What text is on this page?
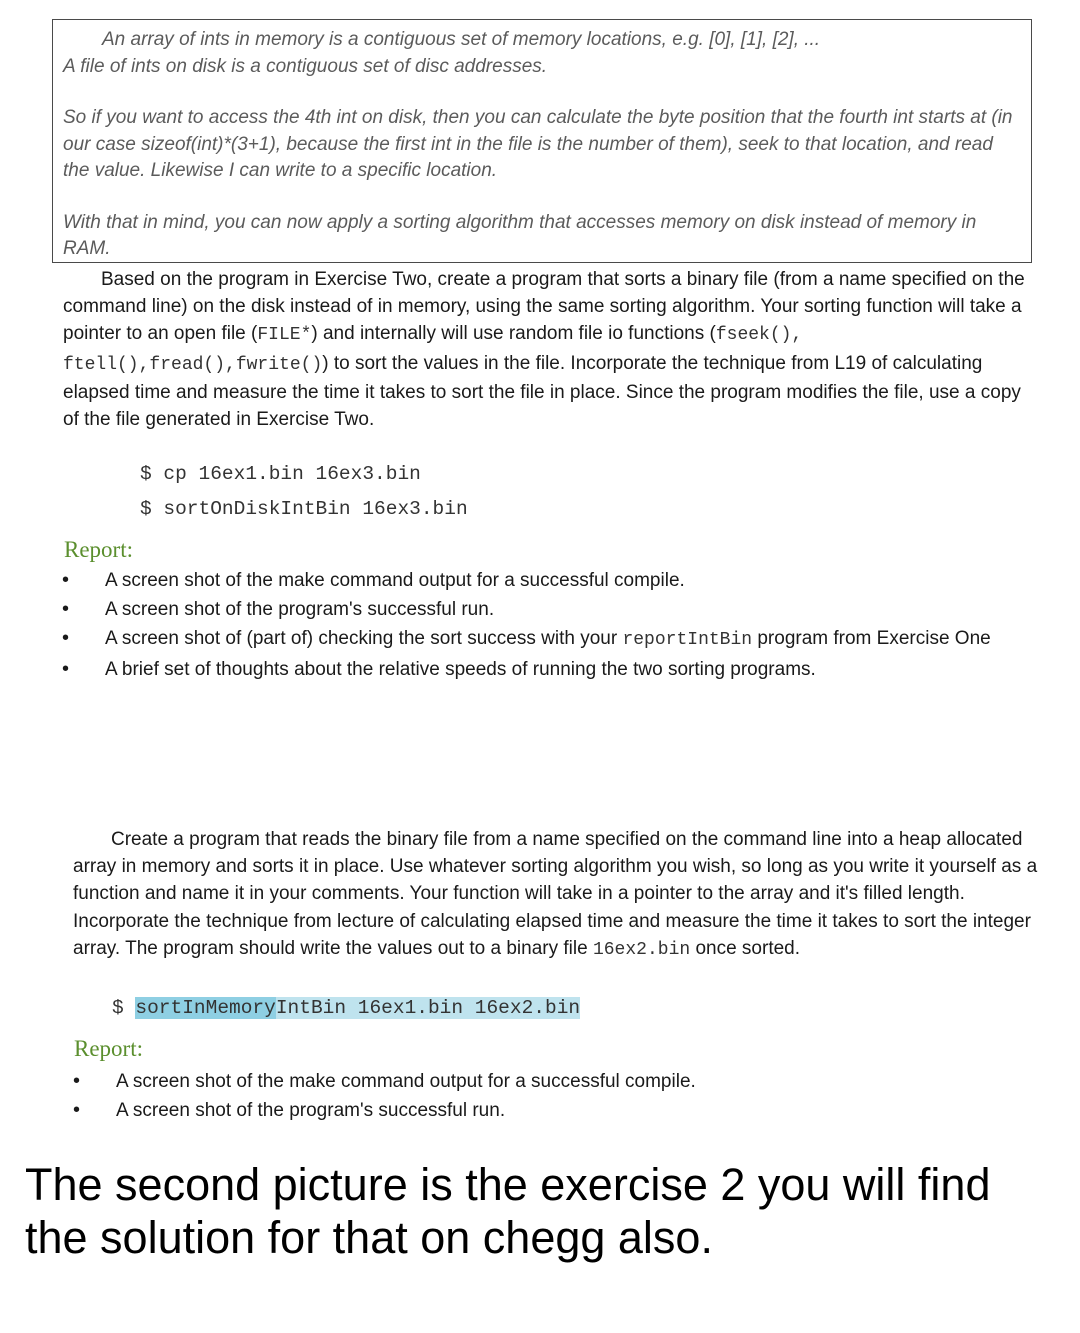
An array of ints in memory is a contiguous set of memory locations, e.g. [0], [1], [2], ...
A file of ints on disk is a contiguous set of disc addresses.

So if you want to access the 4th int on disk, then you can calculate the byte position that the fourth int starts at (in our case sizeof(int)*(3+1), because the first int in the file is the number of them), seek to that location, and read the value. Likewise I can write to a specific location.

With that in mind, you can now apply a sorting algorithm that accesses memory on disk instead of memory in RAM.

Based on the program in Exercise Two, create a program that sorts a binary file (from a name specified on the command line) on the disk instead of in memory, using the same sorting algorithm. Your sorting function will take a pointer to an open file (FILE*) and internally will use random file io functions (fseek(), ftell(),fread(),fwrite()) to sort the values in the file. Incorporate the technique from L19 of calculating elapsed time and measure the time it takes to sort the file in place. Since the program modifies the file, use a copy of the file generated in Exercise Two.
$ cp 16ex1.bin 16ex3.bin
$ sortOnDiskIntBin 16ex3.bin
Report:
• A screen shot of the make command output for a successful compile.
• A screen shot of the program's successful run.
• A screen shot of (part of) checking the sort success with your reportIntBin program from Exercise One
• A brief set of thoughts about the relative speeds of running the two sorting programs.
Create a program that reads the binary file from a name specified on the command line into a heap allocated array in memory and sorts it in place. Use whatever sorting algorithm you wish, so long as you write it yourself as a function and name it in your comments. Your function will take in a pointer to the array and it's filled length. Incorporate the technique from lecture of calculating elapsed time and measure the time it takes to sort the integer array. The program should write the values out to a binary file 16ex2.bin once sorted.
$ sortInMemoryIntBin 16ex1.bin 16ex2.bin
Report:
• A screen shot of the make command output for a successful compile.
• A screen shot of the program's successful run.
The second picture is the exercise 2 you will find the solution for that on chegg also.
